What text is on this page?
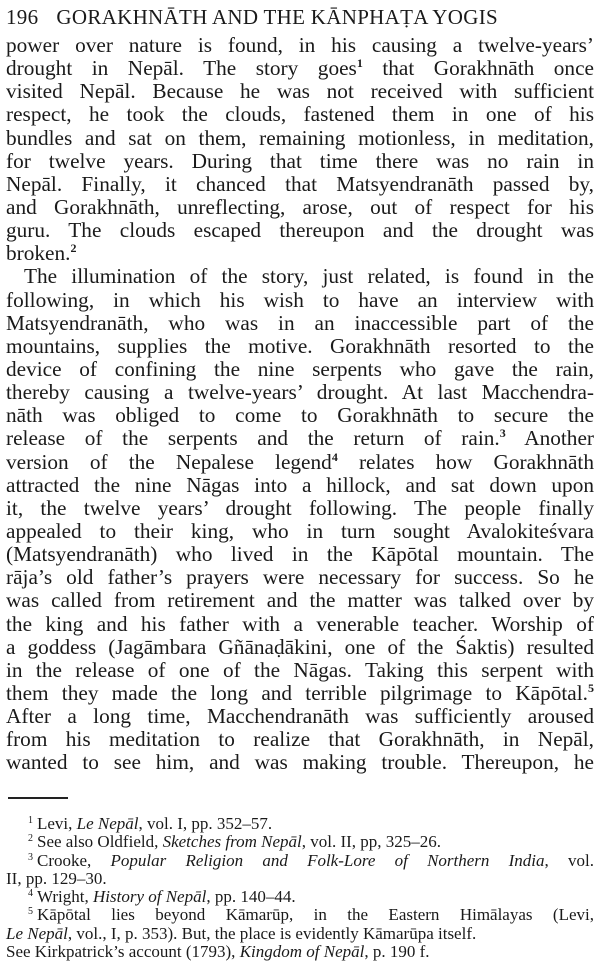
196 GORAKHNĀTH AND THE KĀNPHAṬA YOGIS
power over nature is found, in his causing a twelve-years’
drought in Nepāl. The story goes$^1$ that Gorakhnāth once
visited Nepāl. Because he was not received with sufficient
respect, he took the clouds, fastened them in one of his
bundles and sat on them, remaining motionless, in meditation,
for twelve years. During that time there was no rain in
Nepāl. Finally, it chanced that Matsyendranāth passed by,
and Gorakhnāth, unreflecting, arose, out of respect for his
guru. The clouds escaped thereupon and the drought was
broken.$^2$
The illumination of the story, just related, is found in the
following, in which his wish to have an interview with
Matsyendranāth, who was in an inaccessible part of the
mountains, supplies the motive. Gorakhnāth resorted to the
device of confining the nine serpents who gave the rain,
thereby causing a twelve-years’ drought. At last Macchendra-
nāth was obliged to come to Gorakhnāth to secure the
release of the serpents and the return of rain.$^3$ Another
version of the Nepalese legend$^4$ relates how Gorakhnāth
attracted the nine Nāgas into a hillock, and sat down upon
it, the twelve years’ drought following. The people finally
appealed to their king, who in turn sought Avalokiteśvara
(Matsyendranāth) who lived in the Kāpōtal mountain. The
rāja’s old father’s prayers were necessary for success. So he
was called from retirement and the matter was talked over by
the king and his father with a venerable teacher. Worship of
a goddess (Jagāmbara Gñānaḍākini, one of the Śaktis) resulted
in the release of one of the Nāgas. Taking this serpent with
them they made the long and terrible pilgrimage to Kāpōtal.$^5$
After a long time, Macchendranāth was sufficiently aroused
from his meditation to realize that Gorakhnāth, in Nepāl,
wanted to see him, and was making trouble. Thereupon, he
$^1$ Levi, Le Nepāl, vol. I, pp. 352–57.
$^2$ See also Oldfield, Sketches from Nepāl, vol. II, pp, 325–26.
$^3$ Crooke, Popular Religion and Folk-Lore of Northern India, vol.
II, pp. 129–30.
$^4$ Wright, History of Nepāl, pp. 140–44.
$^5$ Kāpōtal lies beyond Kāmarūp, in the Eastern Himālayas (Levi,
Le Nepāl, vol., I, p. 353). But, the place is evidently Kāmarūpa itself.
See Kirkpatrick’s account (1793), Kingdom of Nepāl, p. 190 f.
